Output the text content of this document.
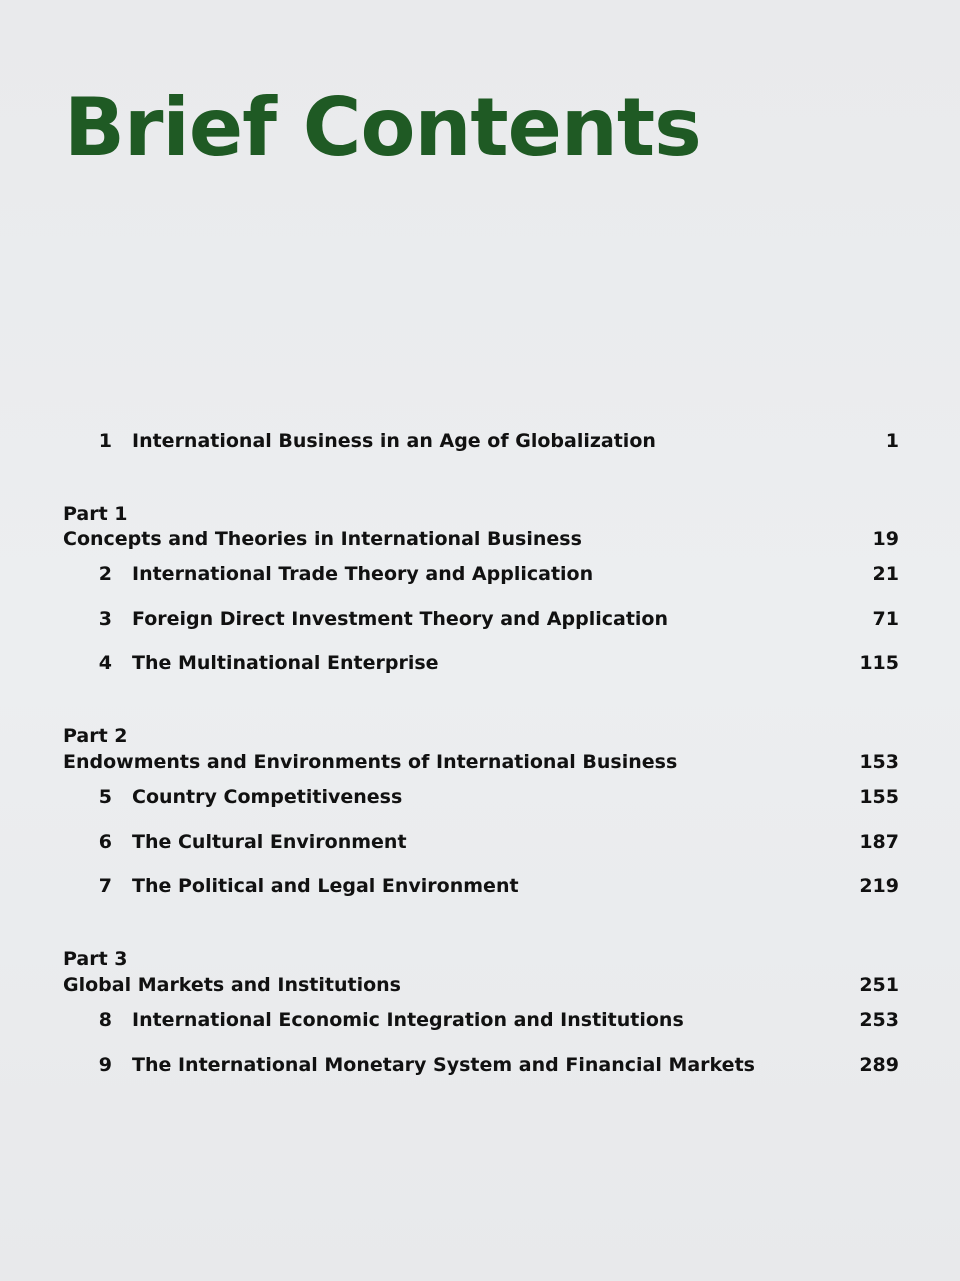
Brief Contents
1 International Business in an Age of Globalization	1
Part 1
Concepts and Theories in International Business	19
2 International Trade Theory and Application	21
3 Foreign Direct Investment Theory and Application	71
4 The Multinational Enterprise	115
Part 2
Endowments and Environments of International Business	153
5 Country Competitiveness	155
6 The Cultural Environment	187
7 The Political and Legal Environment	219
Part 3
Global Markets and Institutions	251
8 International Economic Integration and Institutions	253
9 The International Monetary System and Financial Markets	289
